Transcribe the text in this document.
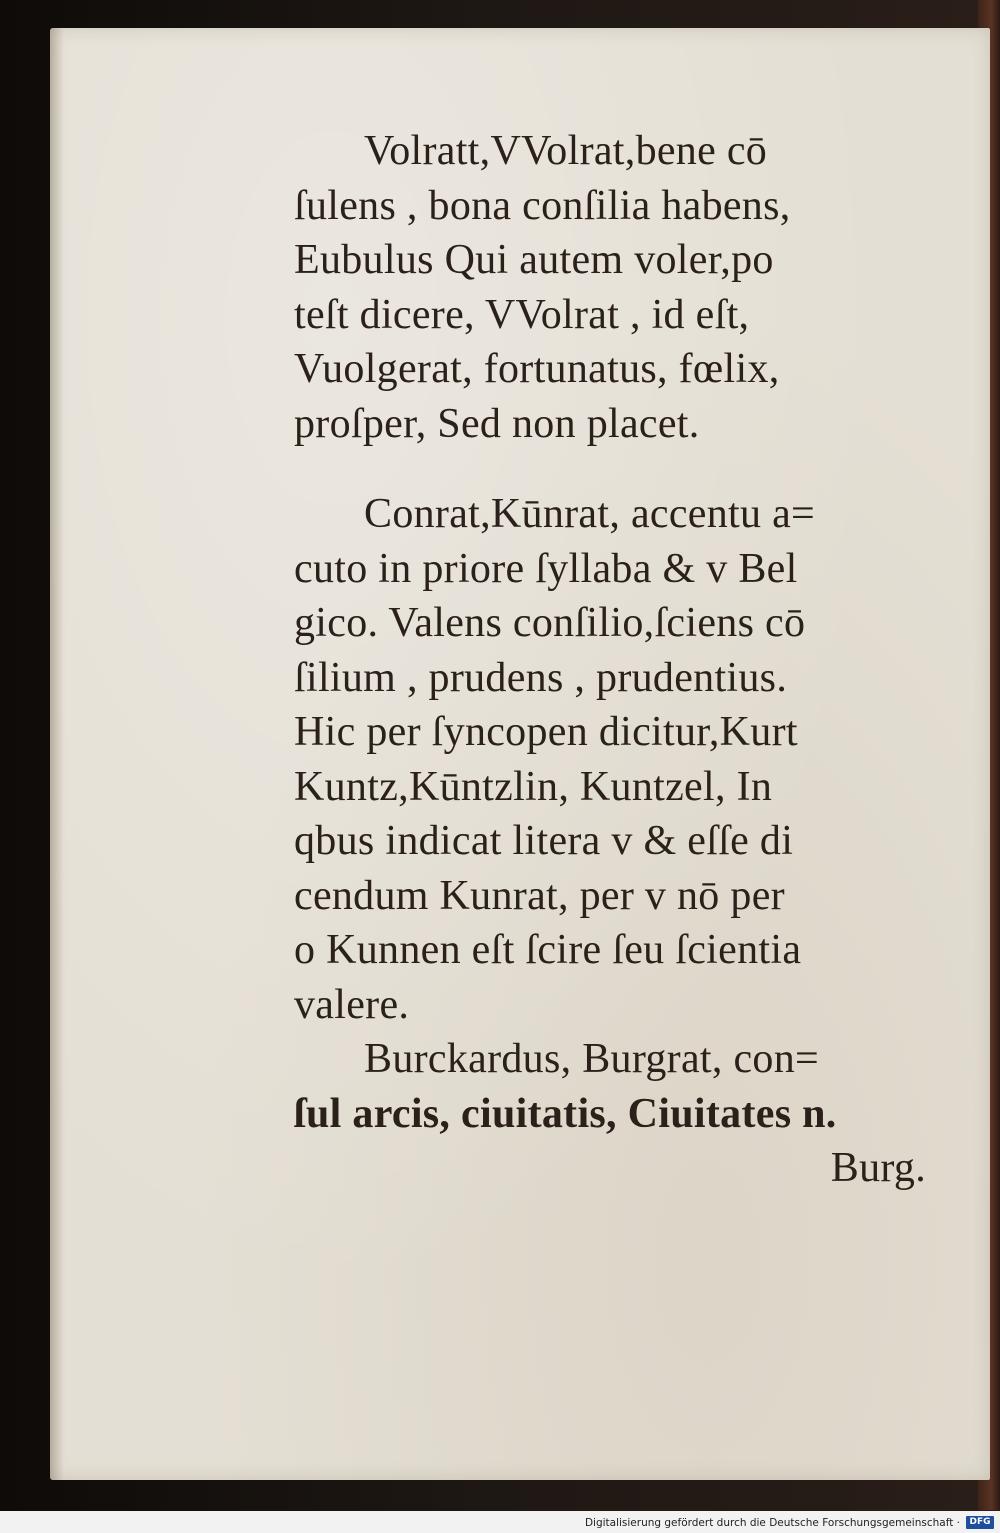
Volratt,VVolrat,bene cō
ſulens , bona conſilia habens,
Eubulus Qui autem voler,po
teſt dicere, VVolrat , id eſt,
Vuolgerat, fortunatus, fœlix,
proſper, Sed non placet.
Conrat,Kūnrat, accentu a=
cuto in priore ſyllaba & v Bel
gico. Valens conſilio,ſciens cō
ſilium , prudens , prudentius.
Hic per ſyncopen dicitur,Kurt
Kuntz,Kūntzlin, Kuntzel, In
qbus indicat litera v & eſſe di
cendum Kunrat, per v nō per
o Kunnen eſt ſcire ſeu ſcientia
valere.
Burckardus, Burgrat, con=
ſul arcis, ciuitatis, Ciuitates n.
Burg.
Digitalisierung gefördert durch die Deutsche Forschungsgemeinschaft ·	DFG
